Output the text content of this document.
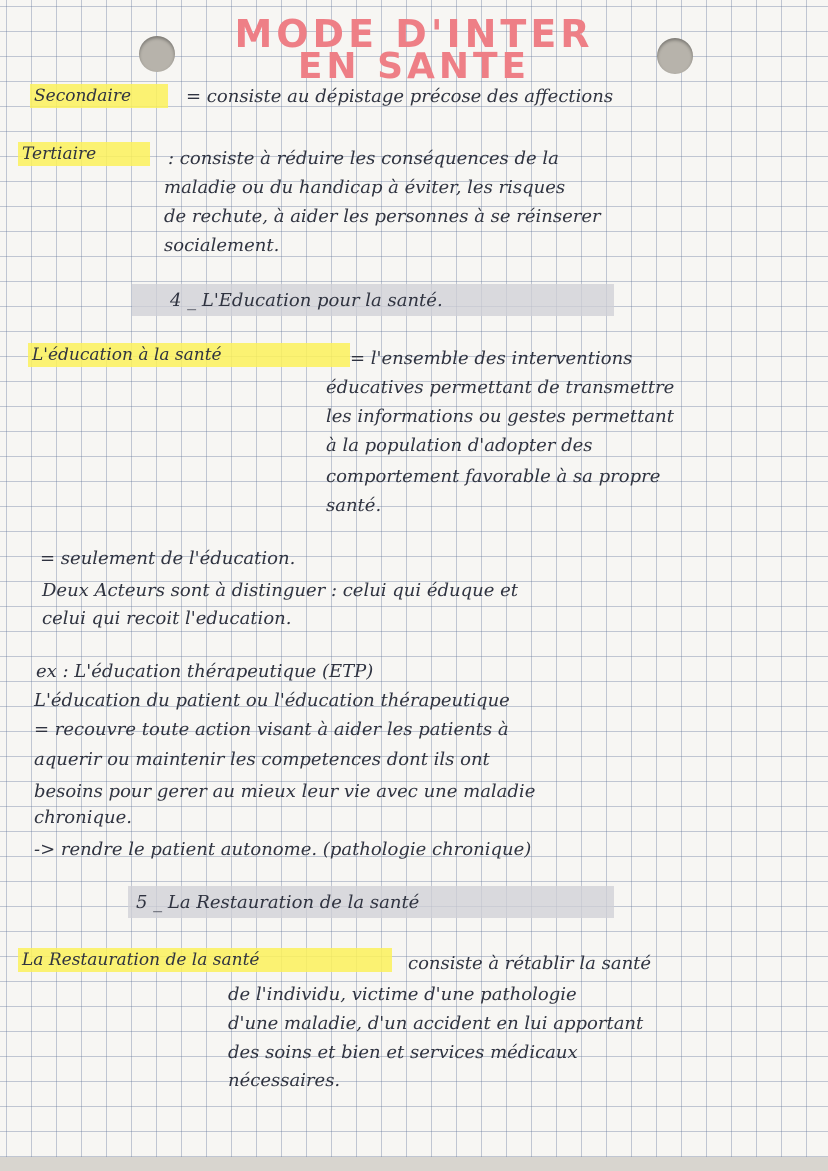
MODE D'INTER
EN SANTE
Secondaire	= consiste au dépistage précose des affections
Tertiaire	: consiste à réduire les conséquences de la
maladie ou du handicap à éviter, les risques
de rechute, à aider les personnes à se réinserer
socialement.
4 _ L'Education pour la santé.
L'éducation à la santé	= l'ensemble des interventions
éducatives permettant de transmettre
les informations ou gestes permettant
à la population d'adopter des
comportement favorable à sa propre
santé.
= seulement de l'éducation.
Deux Acteurs sont à distinguer : celui qui éduque et
celui qui recoit l'education.
ex : L'éducation thérapeutique (ETP)
L'éducation du patient ou l'éducation thérapeutique
= recouvre toute action visant à aider les patients à
aquerir ou maintenir les competences dont ils ont
besoins pour gerer au mieux leur vie avec une maladie
chronique.
-> rendre le patient autonome. (pathologie chronique)
5 _ La Restauration de la santé
La Restauration de la santé	consiste à rétablir la santé
de l'individu, victime d'une pathologie
d'une maladie, d'un accident en lui apportant
des soins et bien et services médicaux
nécessaires.
